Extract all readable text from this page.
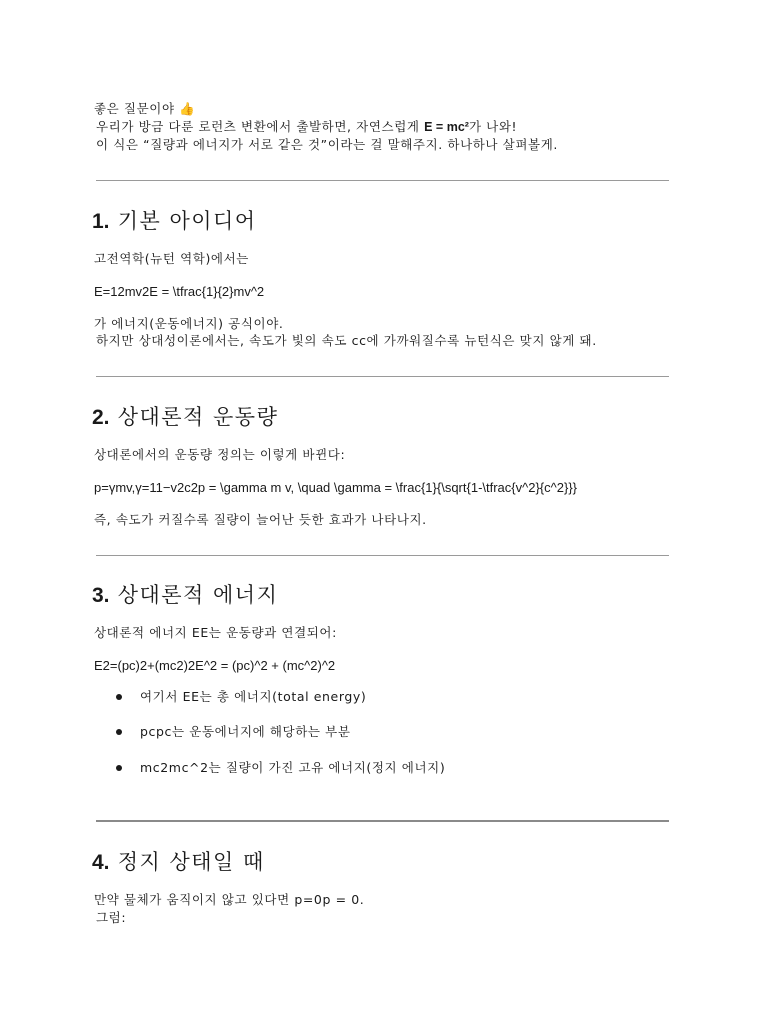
좋은 질문이야 👍
우리가 방금 다룬 로런츠 변환에서 출발하면, 자연스럽게 E = mc²가 나와!
이 식은 “질량과 에너지가 서로 같은 것”이라는 걸 말해주지. 하나하나 살펴볼게.
1. 기본 아이디어
고전역학(뉴턴 역학)에서는
E=12mv2E = \tfrac{1}{2}mv^2
가 에너지(운동에너지) 공식이야.
하지만 상대성이론에서는, 속도가 빛의 속도 cc에 가까워질수록 뉴턴식은 맞지 않게 돼.
2. 상대론적 운동량
상대론에서의 운동량 정의는 이렇게 바뀐다:
p=γmv,γ=11−v2c2p = \gamma m v, \quad \gamma = \frac{1}{\sqrt{1-\tfrac{v^2}{c^2}}}
즉, 속도가 커질수록 질량이 늘어난 듯한 효과가 나타나지.
3. 상대론적 에너지
상대론적 에너지 EE는 운동량과 연결되어:
E2=(pc)2+(mc2)2E^2 = (pc)^2 + (mc^2)^2
여기서 EE는 총 에너지(total energy)
pcpc는 운동에너지에 해당하는 부분
mc2mc^2는 질량이 가진 고유 에너지(정지 에너지)
4. 정지 상태일 때
만약 물체가 움직이지 않고 있다면 p=0p = 0.
그럼:
